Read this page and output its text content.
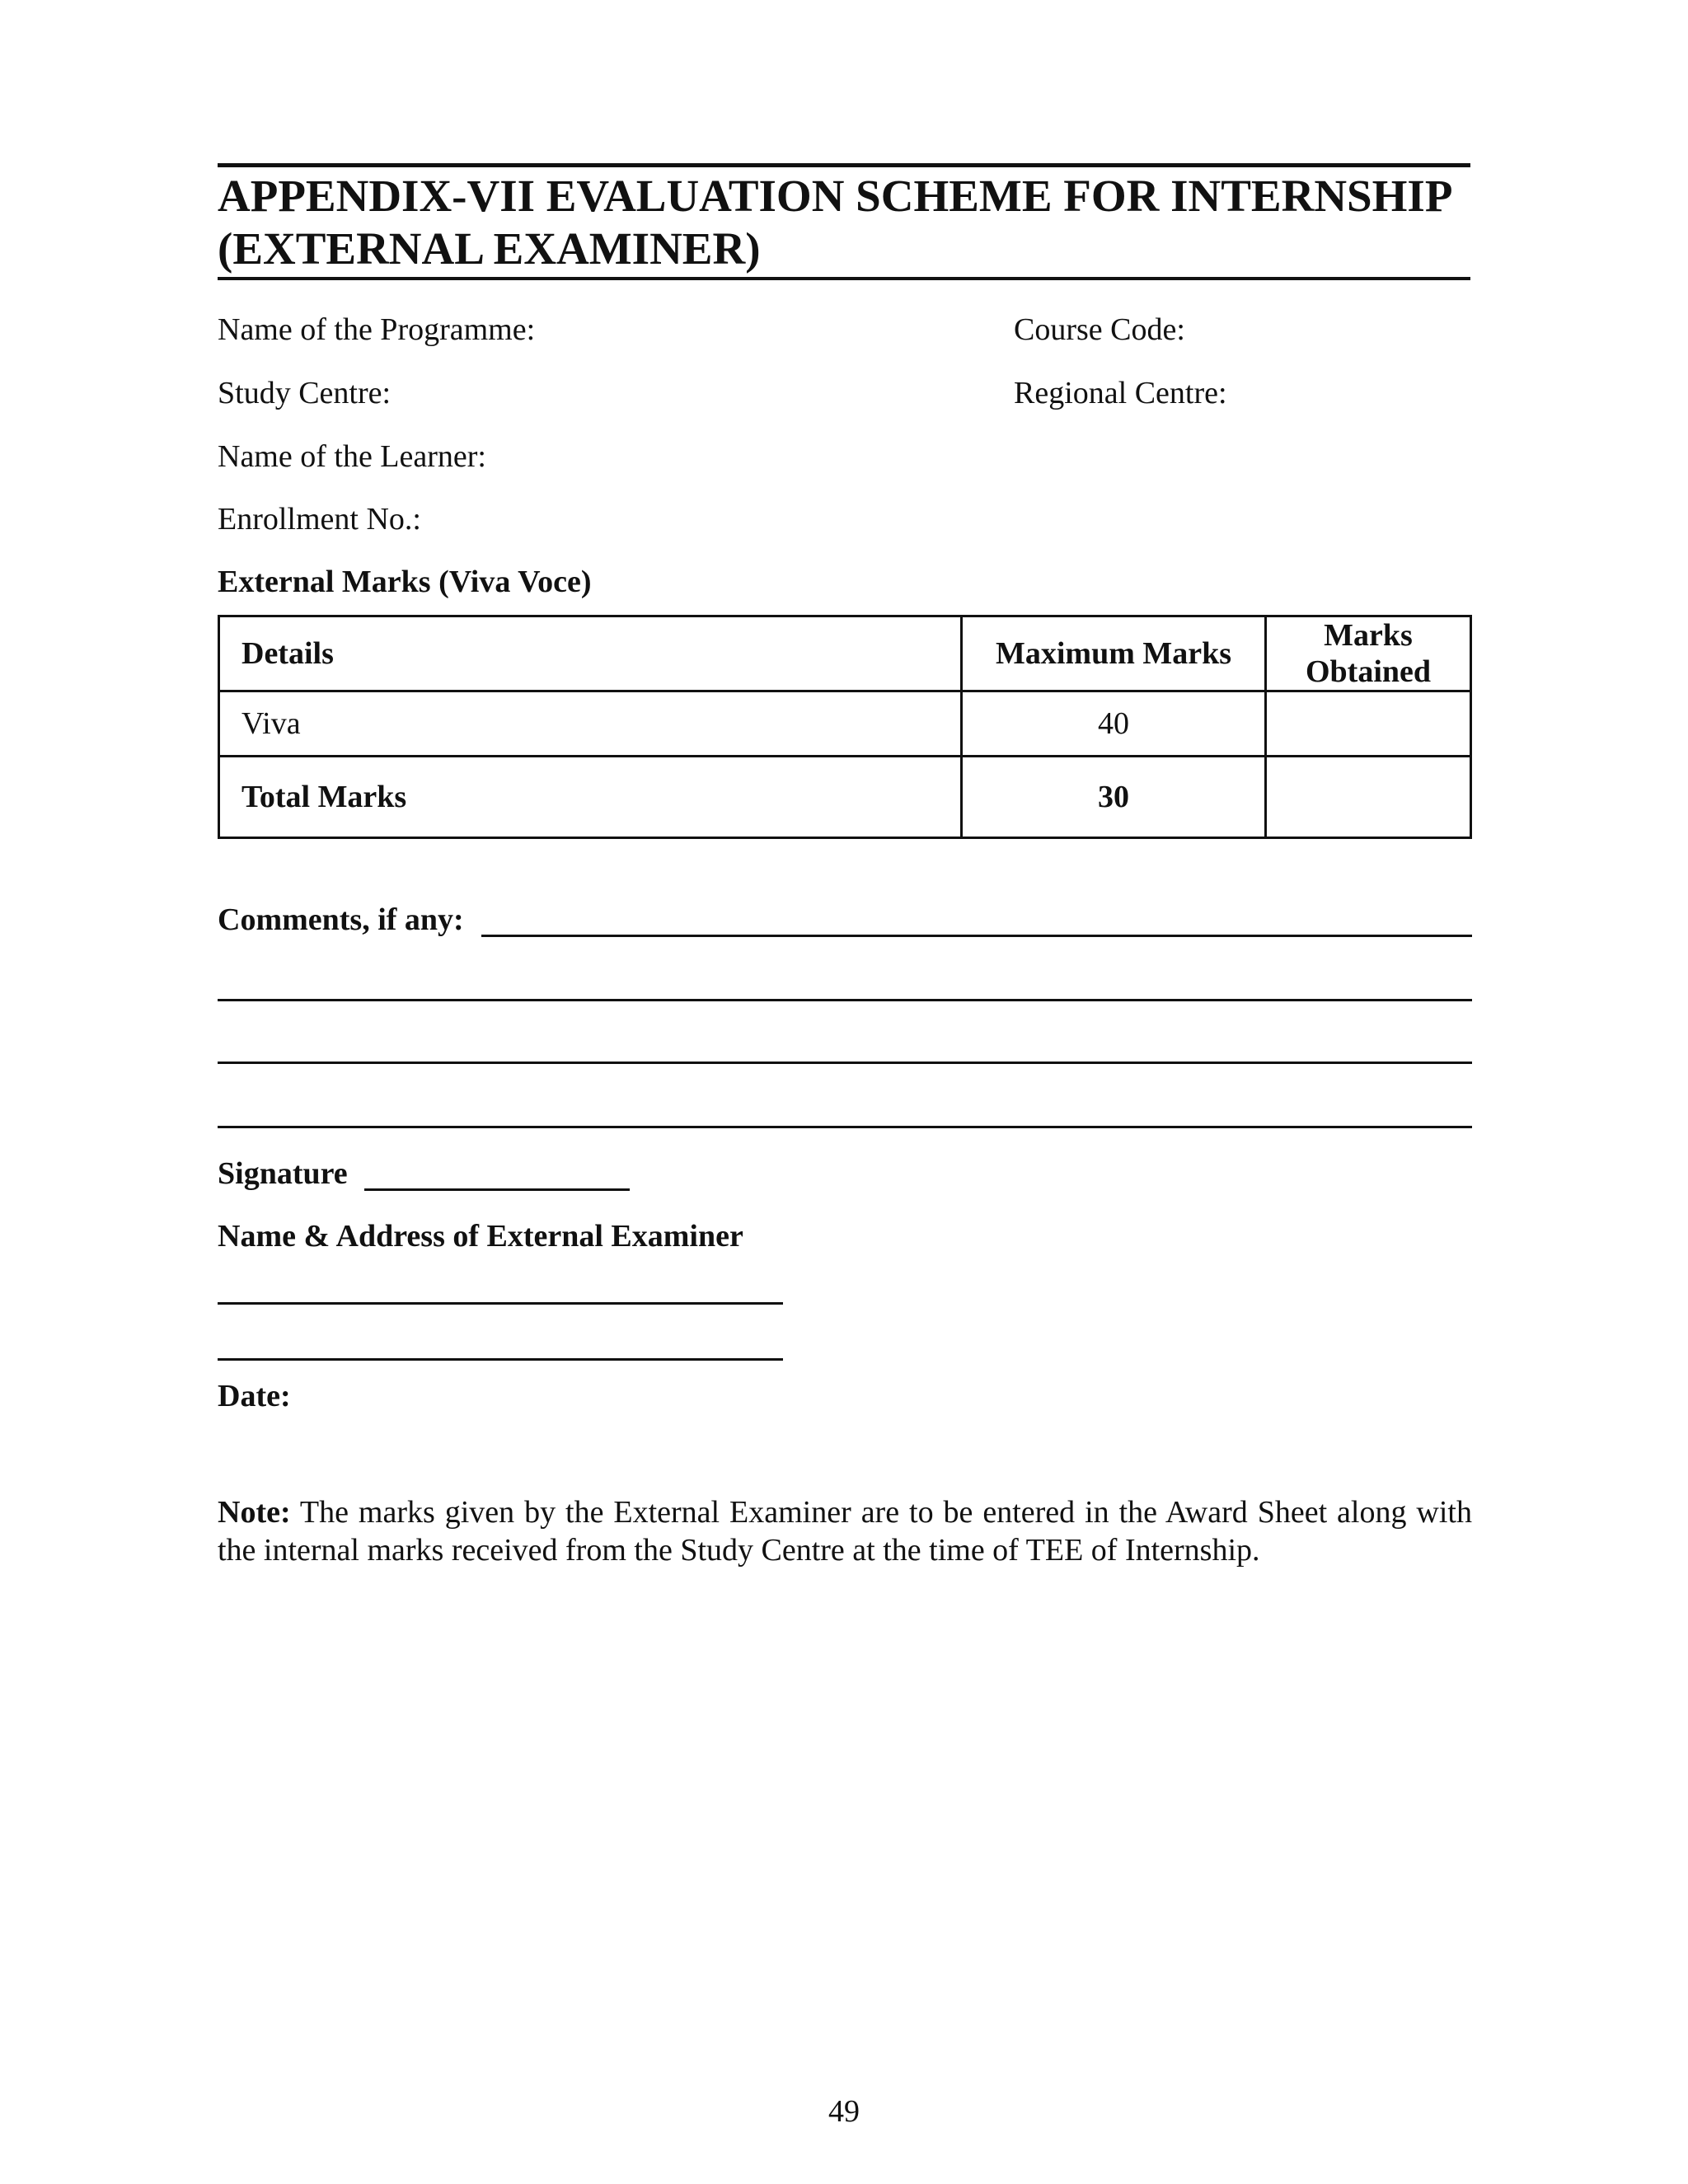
APPENDIX-VII EVALUATION SCHEME FOR INTERNSHIP (EXTERNAL EXAMINER)
Name of the Programme:	Course Code:
Study Centre:	Regional Centre:
Name of the Learner:
Enrollment No.:
External Marks (Viva Voce)
Details	Maximum Marks	Marks Obtained
Viva	40	
Total Marks	30	
Comments, if any:
Signature
Name & Address of External Examiner
Date:
Note: The marks given by the External Examiner are to be entered in the Award Sheet along with the internal marks received from the Study Centre at the time of TEE of Internship.
49
